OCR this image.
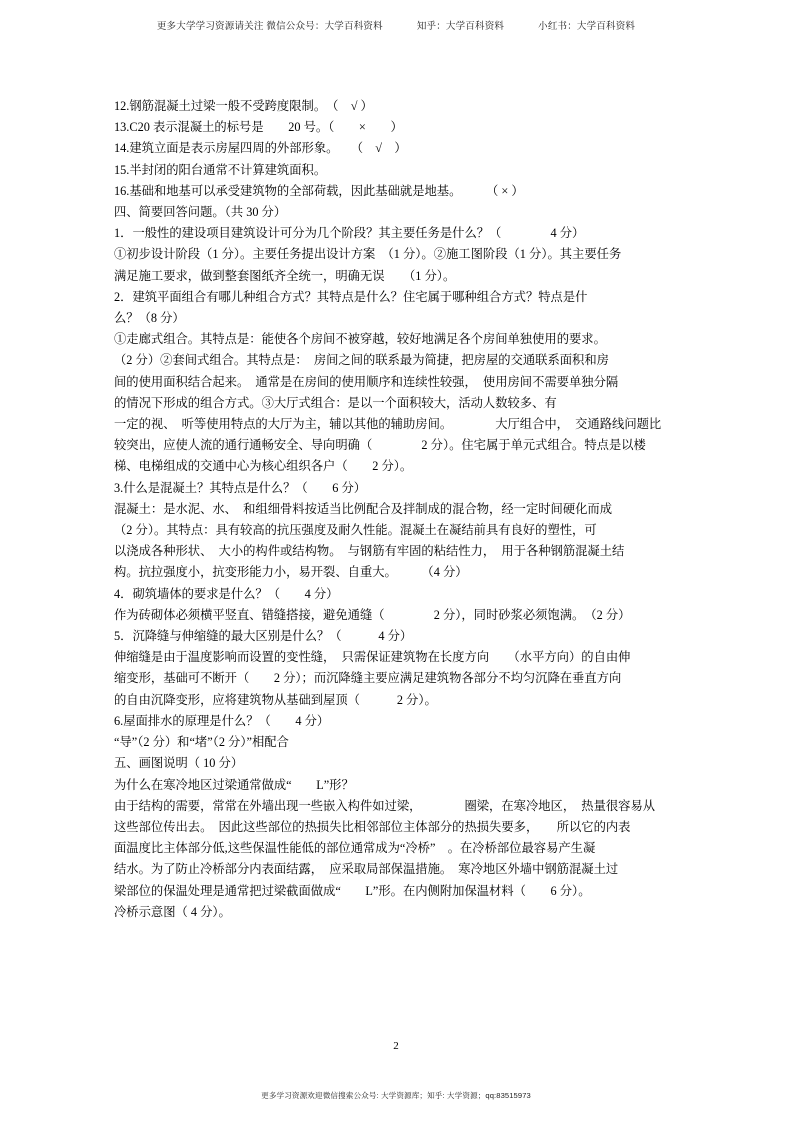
更多大学学习资源请关注 微信公众号：大学百科资料	知乎：大学百科资料	小红书：大学百科资料
12.钢筋混凝土过梁一般不受跨度限制。　（　√ ）
13.C20 表示混凝土的标号是　　20 号。（　　×　　）
14.建筑立面是表示房屋四周的外部形象。　　（　√　）
15.半封闭的阳台通常不计算建筑面积。
16.基础和地基可以承受建筑物的全部荷载，因此基础就是地基。　　　（ × ）
四、简要回答问题。（共 30 分）
1．一般性的建设项目建筑设计可分为几个阶段？其主要任务是什么？（　　　　4 分）
①初步设计阶段（1 分）。主要任务提出设计方案　（1 分）。②施工图阶段（1 分）。其主要任务
满足施工要求，做到整套图纸齐全统一，明确无误　　（1 分）。
2．建筑平面组合有哪儿种组合方式？其特点是什么？住宅属于哪种组合方式？特点是什
么？（8 分）
①走廊式组合。其特点是：能使各个房间不被穿越，较好地满足各个房间单独使用的要求。
（2 分）②套间式组合。其特点是：　房间之间的联系最为简捷，把房屋的交通联系面积和房
间的使用面积结合起来。　通常是在房间的使用顺序和连续性较强，　使用房间不需要单独分隔
的情况下形成的组合方式。③大厅式组合：是以一个面积较大，活动人数较多、有
一定的视、　听等使用特点的大厅为主，辅以其他的辅助房间。　　　　大厅组合中，　交通路线问题比
较突出，应使人流的通行通畅安全、导向明确（　　　　2 分）。住宅属于单元式组合。特点是以楼
梯、电梯组成的交通中心为核心组织各户（　　2 分）。
3.什么是混凝土？其特点是什么？（　　6 分）
混凝土：是水泥、水、　和组细骨料按适当比例配合及拌制成的混合物，经一定时间硬化而成
（2 分）。其特点：具有较高的抗压强度及耐久性能。混凝土在凝结前具有良好的塑性，可
以浇成各种形状、　大小的构件或结构物。　与钢筋有牢固的粘结性力，　用于各种钢筋混凝土结
构。抗拉强度小，抗变形能力小，易开裂、自重大。　　　（4 分）
4．砌筑墙体的要求是什么？（　　4 分）
作为砖砌体必须横平竖直、错缝搭接，避免通缝（　　　　2 分），同时砂浆必须饱满。　（2 分）
5．沉降缝与伸缩缝的最大区别是什么？（　　　4 分）
伸缩缝是由于温度影响而设置的变性缝，　只需保证建筑物在长度方向　　（水平方向）的自由伸
缩变形，基础可不断开（　　2 分）；而沉降缝主要应满足建筑物各部分不均匀沉降在垂直方向
的自由沉降变形，应将建筑物从基础到屋顶（　　　2 分）。
6.屋面排水的原理是什么？（　　4 分）
“导”（2 分）和“堵”（2 分）”相配合
五、画图说明（ 10 分）
为什么在寒冷地区过梁通常做成“　　L”形？
由于结构的需要，常常在外墙出现一些嵌入构件如过梁，　　　　圈梁，在寒冷地区，　热量很容易从
这些部位传出去。　因此这些部位的热损失比相邻部位主体部分的热损失要多，　　所以它的内表
面温度比主体部分低,这些保温性能低的部位通常成为“冷桥”　。在冷桥部位最容易产生凝
结水。为了防止冷桥部分内表面结露，　应采取局部保温措施。　寒冷地区外墙中钢筋混凝土过
梁部位的保温处理是通常把过梁截面做成“　　L”形。在内侧附加保温材料（　　6 分）。
冷桥示意图（ 4 分）。
2
更多学习资源欢迎微信搜索公众号: 大学资源库；知乎: 大学资源；qq:83515973
